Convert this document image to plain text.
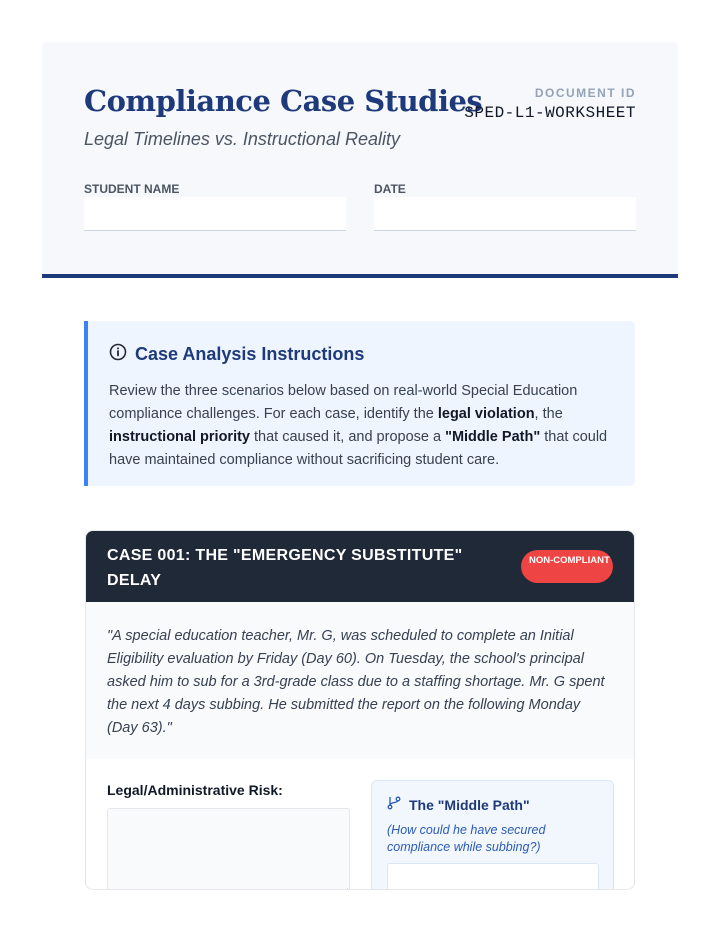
Compliance Case Studies
Legal Timelines vs. Instructional Reality
DOCUMENT ID
SPED-L1-WORKSHEET
STUDENT NAME	DATE
Case Analysis Instructions
Review the three scenarios below based on real-world Special Education compliance challenges. For each case, identify the legal violation, the instructional priority that caused it, and propose a "Middle Path" that could have maintained compliance without sacrificing student care.
CASE 001: THE "EMERGENCY SUBSTITUTE" DELAY
NON-COMPLIANT
"A special education teacher, Mr. G, was scheduled to complete an Initial Eligibility evaluation by Friday (Day 60). On Tuesday, the school's principal asked him to sub for a 3rd-grade class due to a staffing shortage. Mr. G spent the next 4 days subbing. He submitted the report on the following Monday (Day 63)."
Legal/Administrative Risk:
The "Middle Path"
(How could he have secured compliance while subbing?)
